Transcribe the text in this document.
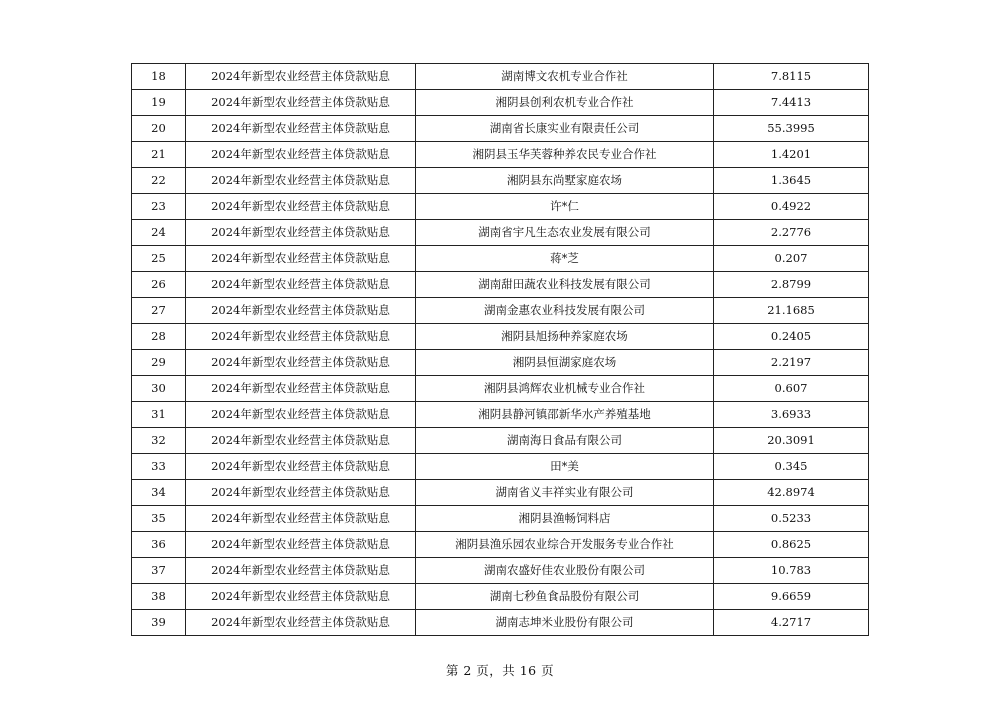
18	2024年新型农业经营主体贷款贴息	湖南博文农机专业合作社	7.8115
19	2024年新型农业经营主体贷款贴息	湘阴县创利农机专业合作社	7.4413
20	2024年新型农业经营主体贷款贴息	湖南省长康实业有限责任公司	55.3995
21	2024年新型农业经营主体贷款贴息	湘阴县玉华芙蓉种养农民专业合作社	1.4201
22	2024年新型农业经营主体贷款贴息	湘阴县东尚墅家庭农场	1.3645
23	2024年新型农业经营主体贷款贴息	许*仁	0.4922
24	2024年新型农业经营主体贷款贴息	湖南省宇凡生态农业发展有限公司	2.2776
25	2024年新型农业经营主体贷款贴息	蒋*芝	0.207
26	2024年新型农业经营主体贷款贴息	湖南甜田蔬农业科技发展有限公司	2.8799
27	2024年新型农业经营主体贷款贴息	湖南金惠农业科技发展有限公司	21.1685
28	2024年新型农业经营主体贷款贴息	湘阴县旭扬种养家庭农场	0.2405
29	2024年新型农业经营主体贷款贴息	湘阴县恒湖家庭农场	2.2197
30	2024年新型农业经营主体贷款贴息	湘阴县鸿辉农业机械专业合作社	0.607
31	2024年新型农业经营主体贷款贴息	湘阴县静河镇邵新华水产养殖基地	3.6933
32	2024年新型农业经营主体贷款贴息	湖南海日食品有限公司	20.3091
33	2024年新型农业经营主体贷款贴息	田*美	0.345
34	2024年新型农业经营主体贷款贴息	湖南省义丰祥实业有限公司	42.8974
35	2024年新型农业经营主体贷款贴息	湘阴县渔畅饲料店	0.5233
36	2024年新型农业经营主体贷款贴息	湘阴县渔乐园农业综合开发服务专业合作社	0.8625
37	2024年新型农业经营主体贷款贴息	湖南农盛好佳农业股份有限公司	10.783
38	2024年新型农业经营主体贷款贴息	湖南七秒鱼食品股份有限公司	9.6659
39	2024年新型农业经营主体贷款贴息	湖南志坤米业股份有限公司	4.2717
第 2 页，共 16 页
